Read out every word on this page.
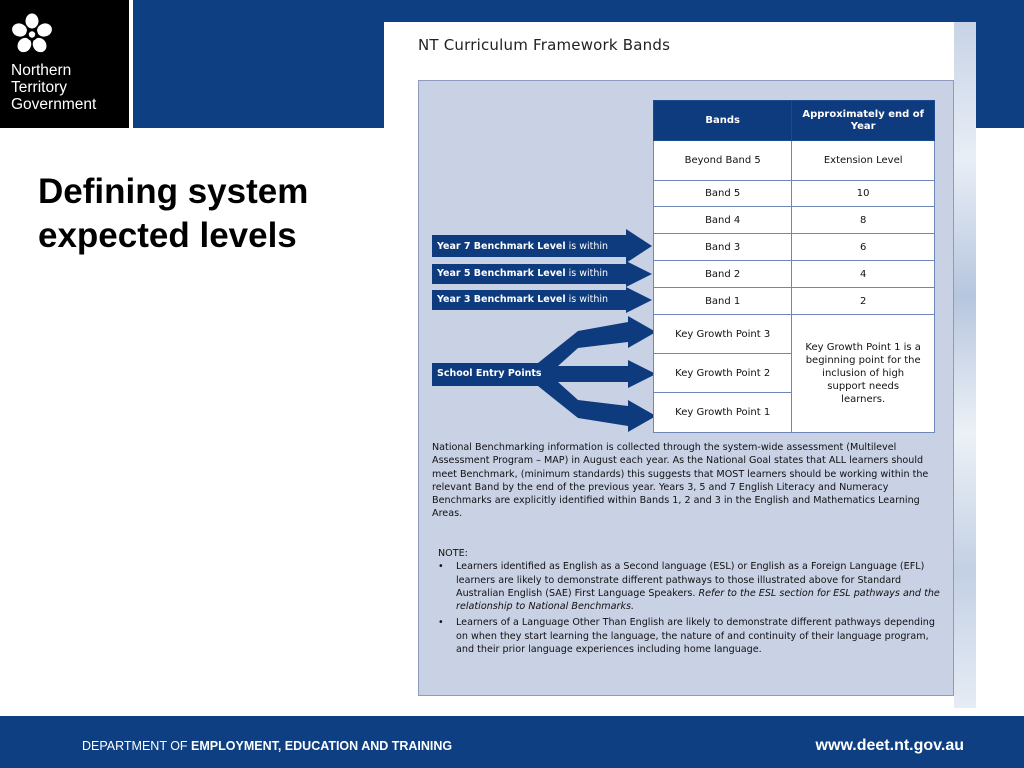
Northern
Territory
Government
Defining system expected levels
NT Curriculum Framework Bands
Year 7 Benchmark Level is within
Year 5 Benchmark Level is within
Year 3 Benchmark Level is within
School Entry Points
Bands	Approximately end of Year
Beyond Band 5	Extension Level
Band 5	10
Band 4	8
Band 3	6
Band 2	4
Band 1	2
Key Growth Point 3	Key Growth Point 1 is a beginning point for the inclusion of high support needs learners.
Key Growth Point 2	
Key Growth Point 1	

National Benchmarking information is collected through the system-wide assessment (Multilevel Assessment Program – MAP) in August each year. As the National Goal states that ALL learners should meet Benchmark, (minimum standards) this suggests that MOST learners should be working within the relevant Band by the end of the previous year. Years 3, 5 and 7 English Literacy and Numeracy Benchmarks are explicitly identified within Bands 1, 2 and 3 in the English and Mathematics Learning Areas.

NOTE:
• Learners identified as English as a Second language (ESL) or English as a Foreign Language (EFL) learners are likely to demonstrate different pathways to those illustrated above for Standard Australian English (SAE) First Language Speakers. Refer to the ESL section for ESL pathways and the relationship to National Benchmarks.
• Learners of a Language Other Than English are likely to demonstrate different pathways depending on when they start learning the language, the nature of and continuity of their language program, and their prior language experiences including home language.
DEPARTMENT OF EMPLOYMENT, EDUCATION AND TRAINING	www.deet.nt.gov.au
